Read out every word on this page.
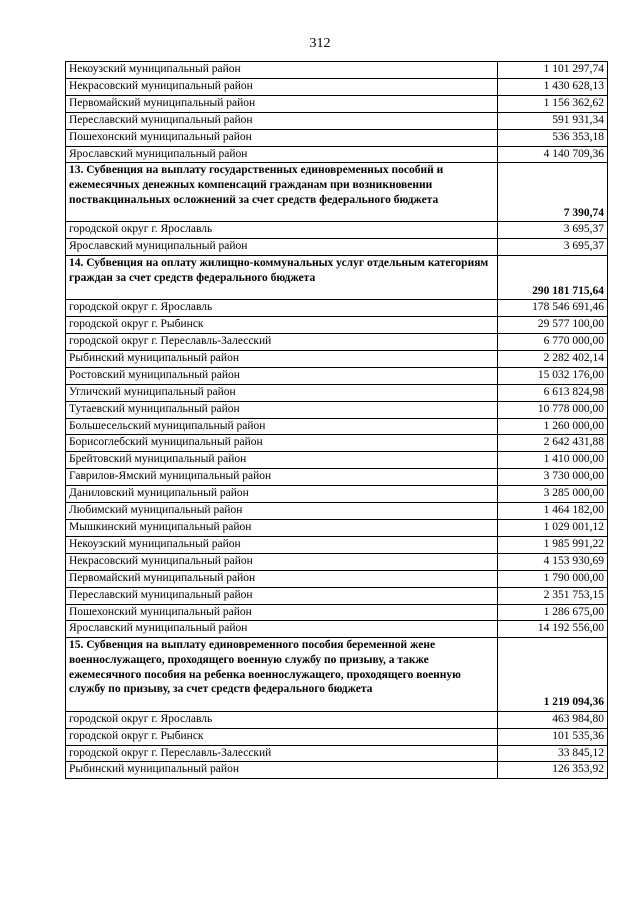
312
Некоузский муниципальный район	1 101 297,74
Некрасовский муниципальный район	1 430 628,13
Первомайский муниципальный район	1 156 362,62
Переславский муниципальный район	591 931,34
Пошехонский муниципальный район	536 353,18
Ярославский муниципальный район	4 140 709,36
13. Субвенция на выплату государственных единовременных пособий и ежемесячных денежных компенсаций гражданам при возникновении поствакцинальных осложнений за счет средств федерального бюджета	7 390,74
городской округ г. Ярославль	3 695,37
Ярославский муниципальный район	3 695,37
14. Субвенция на оплату жилищно-коммунальных услуг отдельным категориям граждан за счет средств федерального бюджета	290 181 715,64
городской округ г. Ярославль	178 546 691,46
городской округ г. Рыбинск	29 577 100,00
городской округ г. Переславль-Залесский	6 770 000,00
Рыбинский муниципальный район	2 282 402,14
Ростовский муниципальный район	15 032 176,00
Угличский муниципальный район	6 613 824,98
Тутаевский муниципальный район	10 778 000,00
Большесельский муниципальный район	1 260 000,00
Борисоглебский муниципальный район	2 642 431,88
Брейтовский муниципальный район	1 410 000,00
Гаврилов-Ямский муниципальный район	3 730 000,00
Даниловский муниципальный район	3 285 000,00
Любимский муниципальный район	1 464 182,00
Мышкинский муниципальный район	1 029 001,12
Некоузский муниципальный район	1 985 991,22
Некрасовский муниципальный район	4 153 930,69
Первомайский муниципальный район	1 790 000,00
Переславский муниципальный район	2 351 753,15
Пошехонский муниципальный район	1 286 675,00
Ярославский муниципальный район	14 192 556,00
15. Субвенция на выплату единовременного пособия беременной жене военнослужащего, проходящего военную службу по призыву, а также ежемесячного пособия на ребенка военнослужащего, проходящего военную службу по призыву, за счет средств федерального бюджета	1 219 094,36
городской округ г. Ярославль	463 984,80
городской округ г. Рыбинск	101 535,36
городской округ г. Переславль-Залесский	33 845,12
Рыбинский муниципальный район	126 353,92
